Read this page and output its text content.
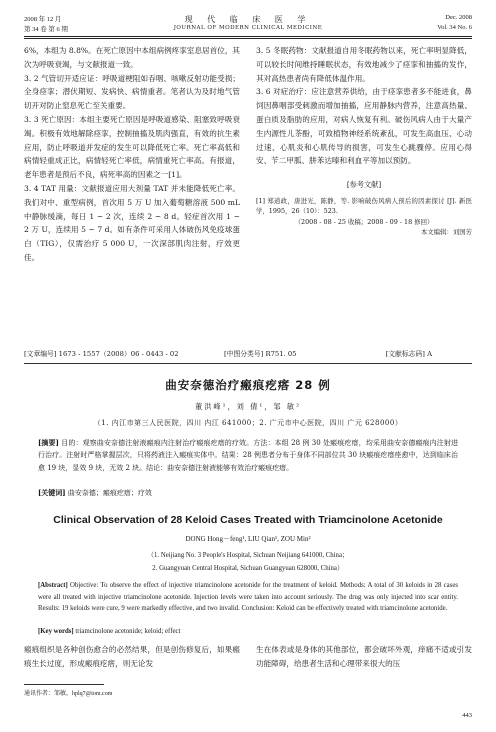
2008 年 12 月
第 34 卷 第 6 期
现 代 临 床 医 学
JOURNAL OF MODERN CLINICAL MEDICINE
Dec. 2008
Vol. 34 No. 6

6%，本组为 8.8%。在死亡原因中本组病例疼挛室息居首位，其次为呼吸衰竭，与文献报道一致。

3. 2 气管切开适应证：呼吸道梗阻如吞咽、咳嗽反射功能受损；全身痉挛；潜伏期短、发病快、病情重者。笔者认为及时地气管切开对防止窒息死亡至关重要。

3. 3 死亡原因：本组主要死亡原因是呼吸道感染、阻塞致呼吸衰竭。积极有效地解除痉挛，控制抽搐及肌肉强直，有效的抗生素应用，防止呼吸道并发症的发生可以降低死亡率。死亡率高低和病情轻重成正比，病情轻死亡率低，病情重死亡率高。有报道，老年患者是预后不良，病死率高的因素之一[1]。

3. 4 TAT 用量：文献报道应用大剂量 TAT 并未能降低死亡率。我们对中、重型病例，首次用 5 万 U 加入葡萄糖溶液 500 mL 中静脉缓滴，每日 1 ~ 2 次，连续 2 ~ 8 d。轻症首次用 1 ~ 2 万 U，连续用 5 ~ 7 d。如有条件可采用人体破伤风免疫球蛋白（TIG），仅需治疗 5 000 U，一次深部肌肉注射，疗效更佳。

3. 5 冬眠药物：文献报道自用冬眠药物以来，死亡率明显降低，可以较长时间维持睡眠状态，有效地减少了痉挛和抽搐的发作，其对高热患者尚有降低体温作用。

3. 6 对症治疗：应注意营养供给，由于痉挛患者多不能进食，鼻饲因鼻咽部受刺激而增加抽搐，应用静脉内营养，注意高热量、蛋白质及脂肪的应用，对病人恢复有利。破伤风病人由于大量产生内源性儿茶酚，可致植物神经系统紊乱，可发生高血压、心动过速、心肌炎和心肌传导的损害，可发生心跳骤停。应用心得安、苄二甲胍、肼苯达嗪和利血平等加以预防。

[参考文献]
[1] 郑道政，唐进光，陈静，等. 影响破伤风病人预后的因素探讨 [J]. 新医学，1995，26（10）：523.
（2008 - 08 - 25 收稿；2008 - 09 - 18 修回）
本文编辑：刘国芳
[文章编号] 1673 - 1557（2008）06 - 0443 - 02	[中图分类号] R751. 05	[文献标志码] A
曲安奈德治疗瘢痕疙瘩 28 例
董洪峰¹，刘 倩¹，邹 敏²
（1. 内江市第三人民医院，四川 内江 641000；2. 广元市中心医院，四川 广元 628000）
[摘要] 目的：观察曲安奈德注射液瘢痕内注射治疗瘢痕疙瘩的疗效。方法：本组 28 例 30 处瘢痕疙瘩，均采用曲安奈德瘢痕内注射进行治疗。注射时严格掌握层次，只将药液注入瘢痕实体中。结果：28 例患者分布于身体不同部位共 30 块瘢痕疙瘩痊愈中，达到临床治愈 19 块，显效 9 块，无效 2 块。结论：曲安奈德注射液能够有效治疗瘢痕疙瘩。
[关键词] 曲安奈德；瘢痕疙瘩；疗效
Clinical Observation of 28 Keloid Cases Treated with Triamcinolone Acetonide
DONG Hong－feng¹, LIU Qian¹, ZOU Min²
（1. Neijiang No. 3 People's Hospital, Sichuan Neijiang 641000, China；
2. Guangyuan Central Hospital, Sichuan Guangyuan 628000, China）
[Abstract] Objective: To observe the effect of injective triamcinolone acetonide for the treatment of keloid. Methods: A total of 30 keloids in 28 cases were all treated with injective triamcinolone acetonide. Injection levels were taken into account seriously. The drug was only injected into scar entity. Results: 19 keloids were cure, 9 were markedly effective, and two invalid. Conclusion: Keloid can be effectively treated with triamcinolone acetonide.
[Key words] triamcinolone acetonide; keloid; effect
瘢痕组织是各种创伤愈合的必然结果，但是创伤修复后，如果瘢痕生长过度，形成瘢痕疙瘩，则无论发
生在体表或是身体的其他部位，都会破坏外观，痒痛不适或引发功能障碍，给患者生活和心理带来很大的压
通讯作者：邹敏，hplq7@tom.com
443
